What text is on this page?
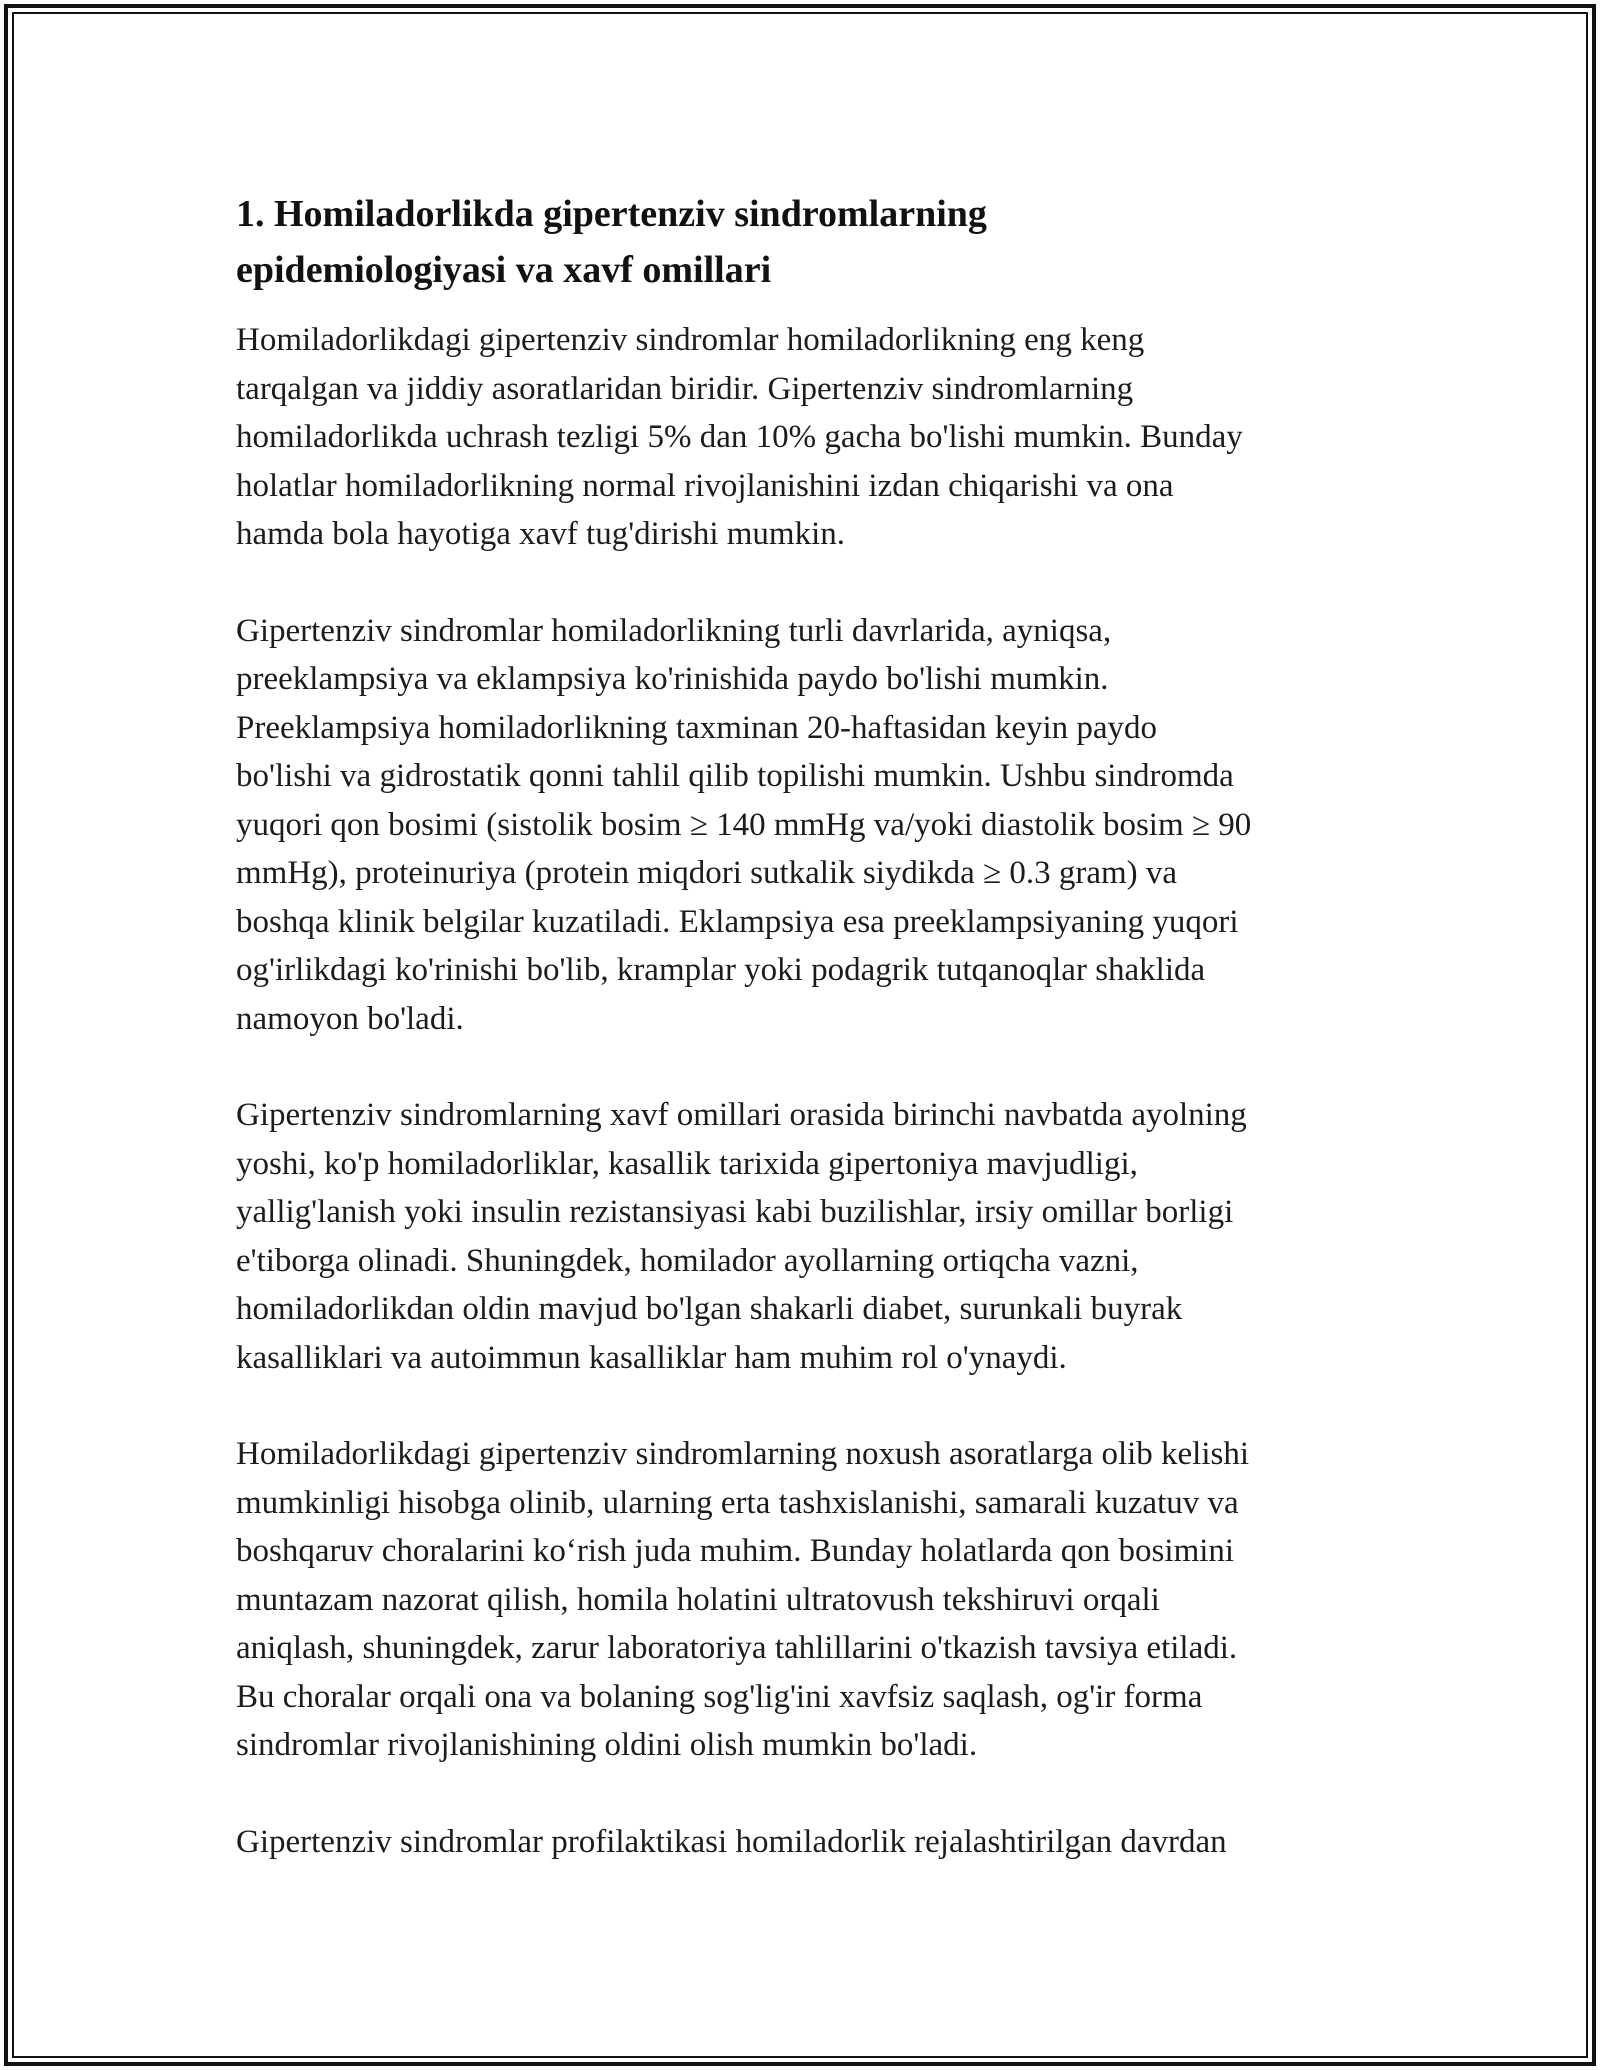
1. Homiladorlikda gipertenziv sindromlarning
epidemiologiyasi va xavf omillari

Homiladorlikdagi gipertenziv sindromlar homiladorlikning eng keng
tarqalgan va jiddiy asoratlaridan biridir. Gipertenziv sindromlarning
homiladorlikda uchrash tezligi 5% dan 10% gacha bo'lishi mumkin. Bunday
holatlar homiladorlikning normal rivojlanishini izdan chiqarishi va ona
hamda bola hayotiga xavf tug'dirishi mumkin.

Gipertenziv sindromlar homiladorlikning turli davrlarida, ayniqsa,
preeklampsiya va eklampsiya ko'rinishida paydo bo'lishi mumkin.
Preeklampsiya homiladorlikning taxminan 20-haftasidan keyin paydo
bo'lishi va gidrostatik qonni tahlil qilib topilishi mumkin. Ushbu sindromda
yuqori qon bosimi (sistolik bosim ≥ 140 mmHg va/yoki diastolik bosim ≥ 90
mmHg), proteinuriya (protein miqdori sutkalik siydikda ≥ 0.3 gram) va
boshqa klinik belgilar kuzatiladi. Eklampsiya esa preeklampsiyaning yuqori
og'irlikdagi ko'rinishi bo'lib, kramplar yoki podagrik tutqanoqlar shaklida
namoyon bo'ladi.

Gipertenziv sindromlarning xavf omillari orasida birinchi navbatda ayolning
yoshi, ko'p homiladorliklar, kasallik tarixida gipertoniya mavjudligi,
yallig'lanish yoki insulin rezistansiyasi kabi buzilishlar, irsiy omillar borligi
e'tiborga olinadi. Shuningdek, homilador ayollarning ortiqcha vazni,
homiladorlikdan oldin mavjud bo'lgan shakarli diabet, surunkali buyrak
kasalliklari va autoimmun kasalliklar ham muhim rol o'ynaydi.

Homiladorlikdagi gipertenziv sindromlarning noxush asoratlarga olib kelishi
mumkinligi hisobga olinib, ularning erta tashxislanishi, samarali kuzatuv va
boshqaruv choralarini koʻrish juda muhim. Bunday holatlarda qon bosimini
muntazam nazorat qilish, homila holatini ultratovush tekshiruvi orqali
aniqlash, shuningdek, zarur laboratoriya tahlillarini o'tkazish tavsiya etiladi.
Bu choralar orqali ona va bolaning sog'lig'ini xavfsiz saqlash, og'ir forma
sindromlar rivojlanishining oldini olish mumkin bo'ladi.

Gipertenziv sindromlar profilaktikasi homiladorlik rejalashtirilgan davrdan
